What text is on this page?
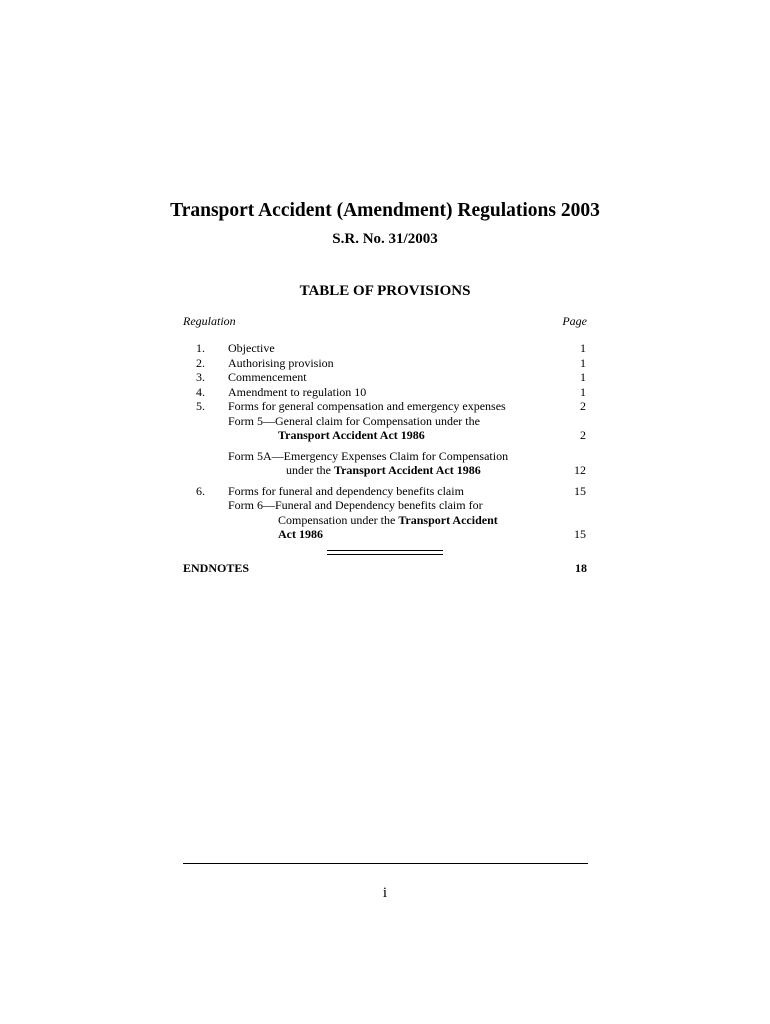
Transport Accident (Amendment) Regulations 2003
S.R. No. 31/2003
TABLE OF PROVISIONS
Regulation	Page
1. Objective	1
2. Authorising provision	1
3. Commencement	1
4. Amendment to regulation 10	1
5. Forms for general compensation and emergency expenses	2
Form 5—General claim for Compensation under the
Transport Accident Act 1986	2
Form 5A—Emergency Expenses Claim for Compensation
under the Transport Accident Act 1986	12
6. Forms for funeral and dependency benefits claim	15
Form 6—Funeral and Dependency benefits claim for
Compensation under the Transport Accident
Act 1986	15
ENDNOTES	18
i
